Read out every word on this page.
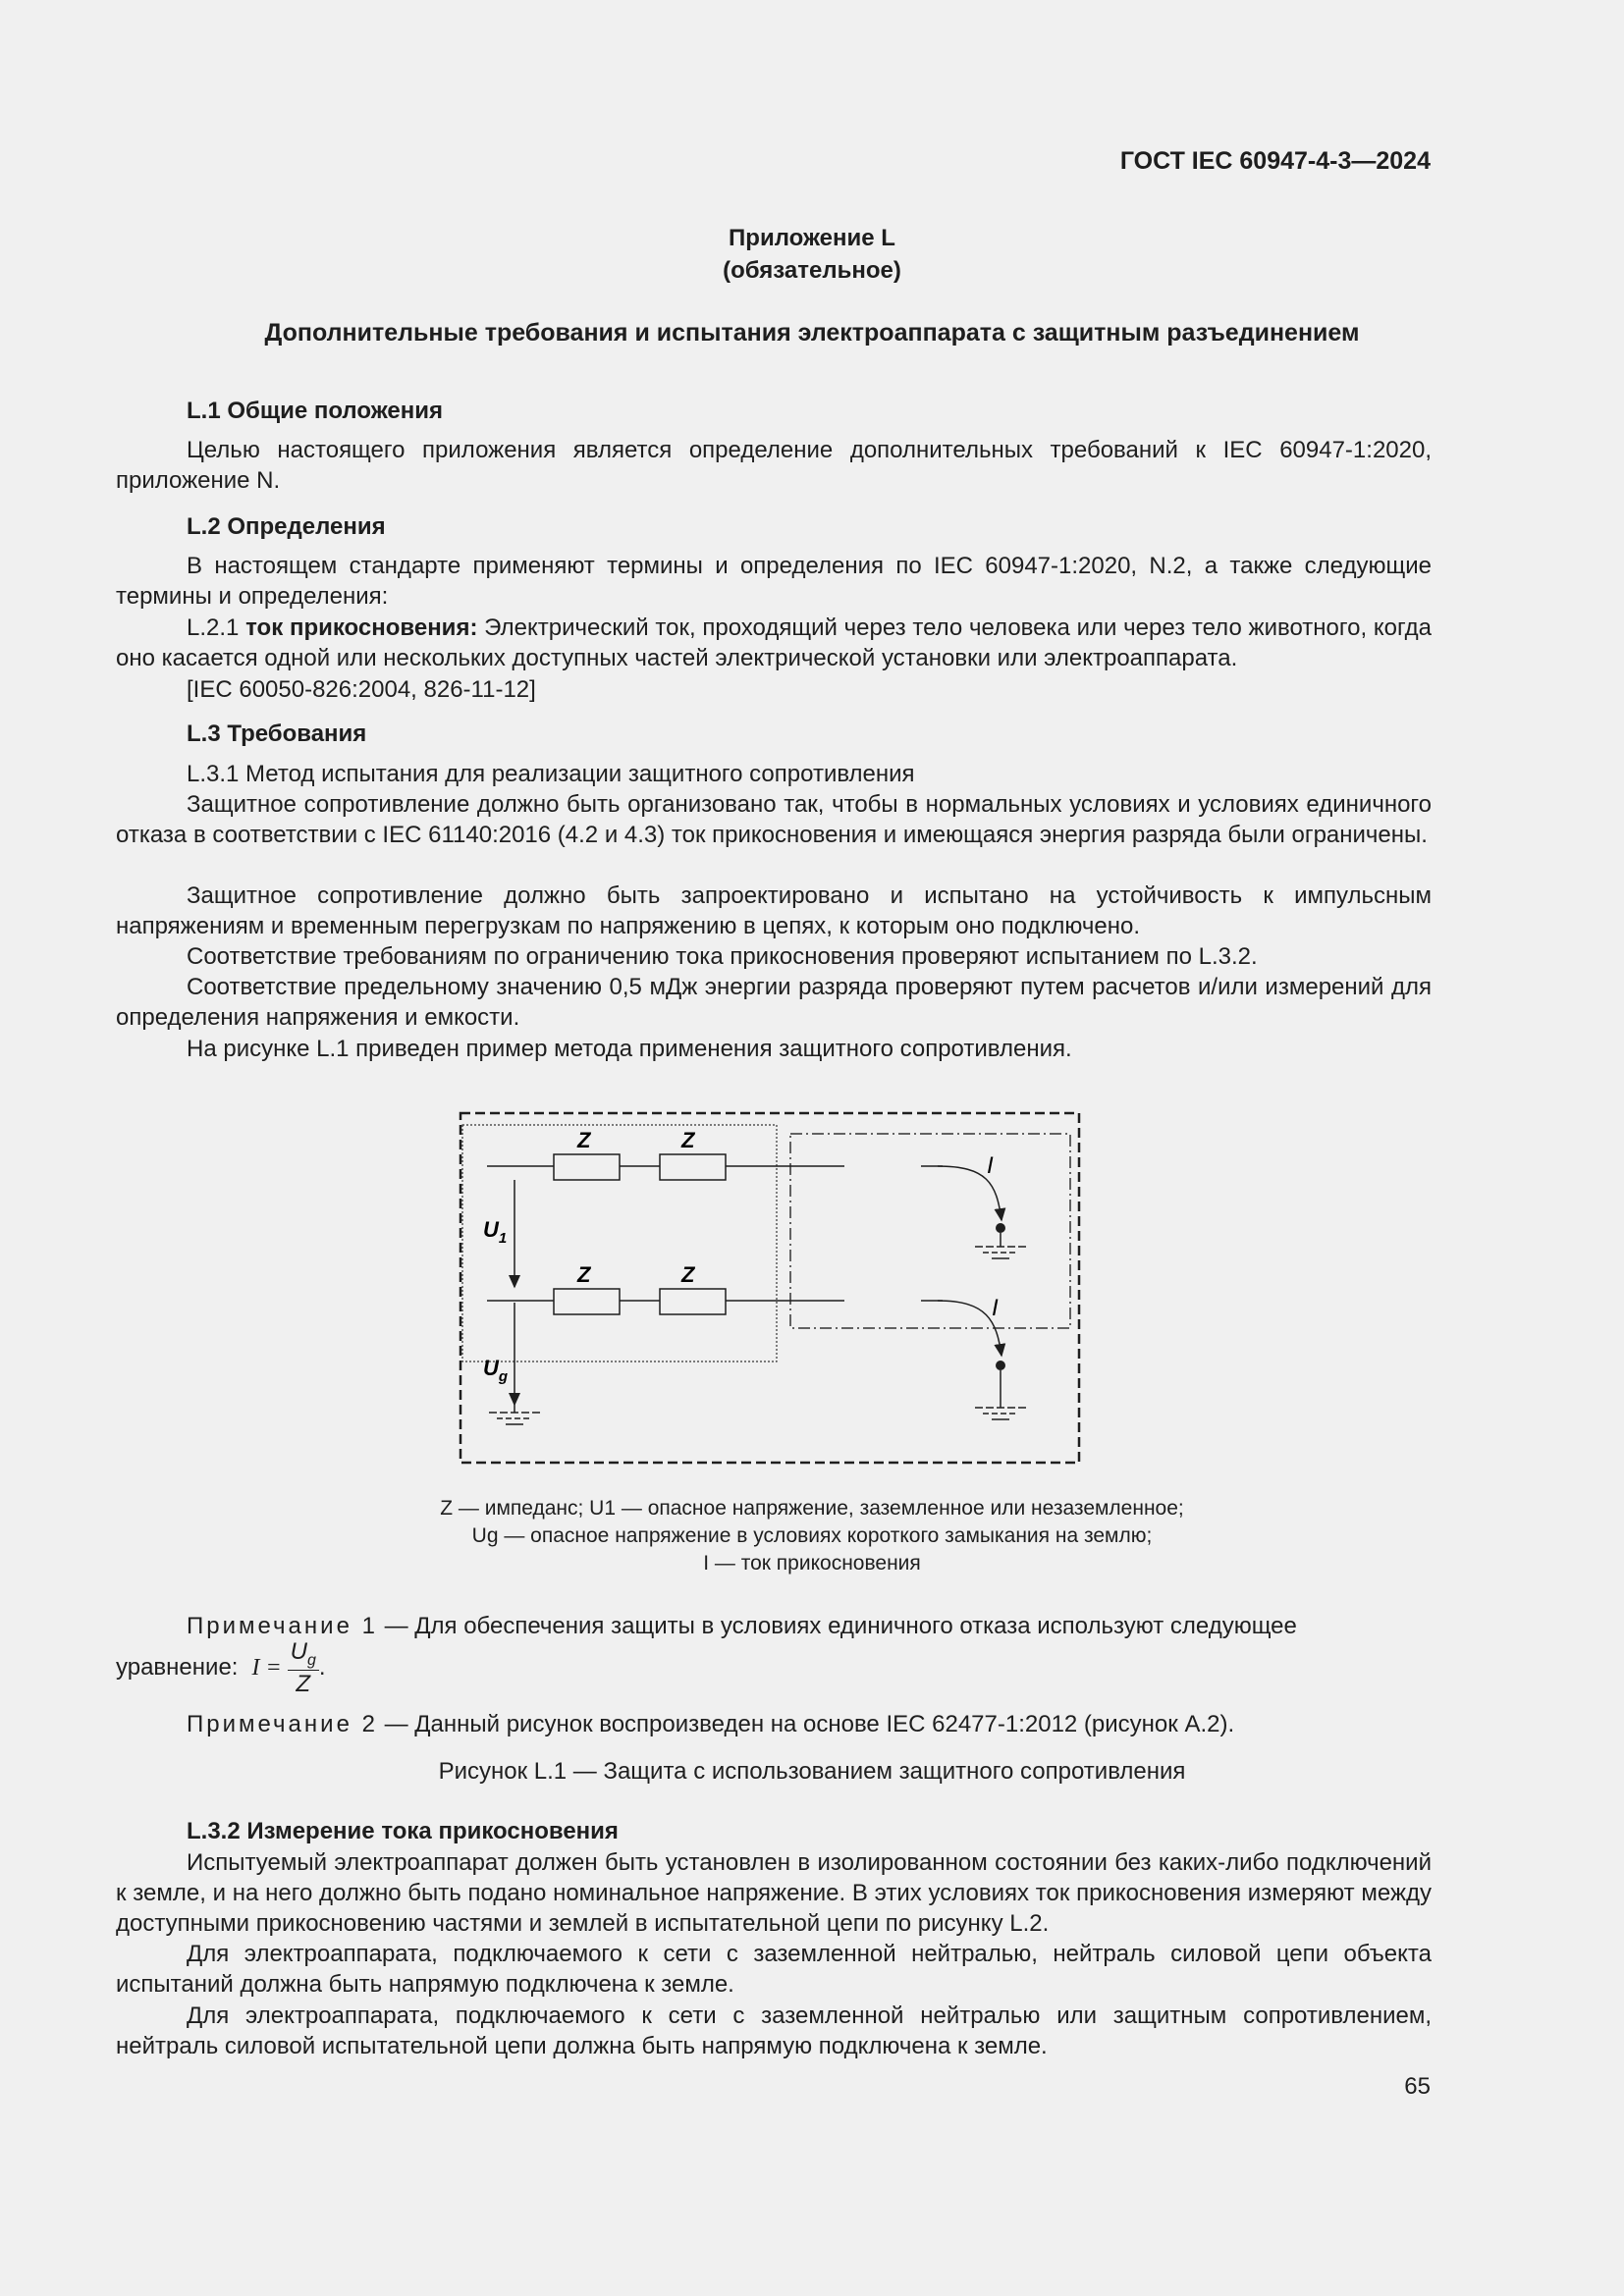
ГОСТ IEC 60947-4-3—2024
Приложение L
(обязательное)
Дополнительные требования и испытания электроаппарата с защитным разъединением
L.1 Общие положения
Целью настоящего приложения является определение дополнительных требований к IEC 60947-1:2020, приложение N.
L.2 Определения
В настоящем стандарте применяют термины и определения по IEC 60947-1:2020, N.2, а также следующие термины и определения:
L.2.1 ток прикосновения: Электрический ток, проходящий через тело человека или через тело животного, когда оно касается одной или нескольких доступных частей электрической установки или электроаппарата.
[IEC 60050-826:2004, 826-11-12]
L.3 Требования
L.3.1 Метод испытания для реализации защитного сопротивления
Защитное сопротивление должно быть организовано так, чтобы в нормальных условиях и условиях единичного отказа в соответствии с IEC 61140:2016 (4.2 и 4.3) ток прикосновения и имеющаяся энергия разряда были ограничены.
Защитное сопротивление должно быть запроектировано и испытано на устойчивость к импульсным напряжениям и временным перегрузкам по напряжению в цепях, к которым оно подключено.
Соответствие требованиям по ограничению тока прикосновения проверяют испытанием по L.3.2.
Соответствие предельному значению 0,5 мДж энергии разряда проверяют путем расчетов и/или измерений для определения напряжения и емкости.
На рисунке L.1 приведен пример метода применения защитного сопротивления.
Z	Z
Z	Z
$U_1$
$U_g$
I
I
Z — импеданс; U1 — опасное напряжение, заземленное или незаземленное;
Ug — опасное напряжение в условиях короткого замыкания на землю;
I — ток прикосновения
Примечание 1 — Для обеспечения защиты в условиях единичного отказа используют следующее
уравнение: $I = \frac{U_g}{Z}$ .
Примечание 2 — Данный рисунок воспроизведен на основе IEC 62477-1:2012 (рисунок А.2).
Рисунок L.1 — Защита с использованием защитного сопротивления
L.3.2 Измерение тока прикосновения
Испытуемый электроаппарат должен быть установлен в изолированном состоянии без каких-либо подключений к земле, и на него должно быть подано номинальное напряжение. В этих условиях ток прикосновения измеряют между доступными прикосновению частями и землей в испытательной цепи по рисунку L.2.
Для электроаппарата, подключаемого к сети с заземленной нейтралью, нейтраль силовой цепи объекта испытаний должна быть напрямую подключена к земле.
Для электроаппарата, подключаемого к сети с заземленной нейтралью или защитным сопротивлением, нейтраль силовой испытательной цепи должна быть напрямую подключена к земле.
65
